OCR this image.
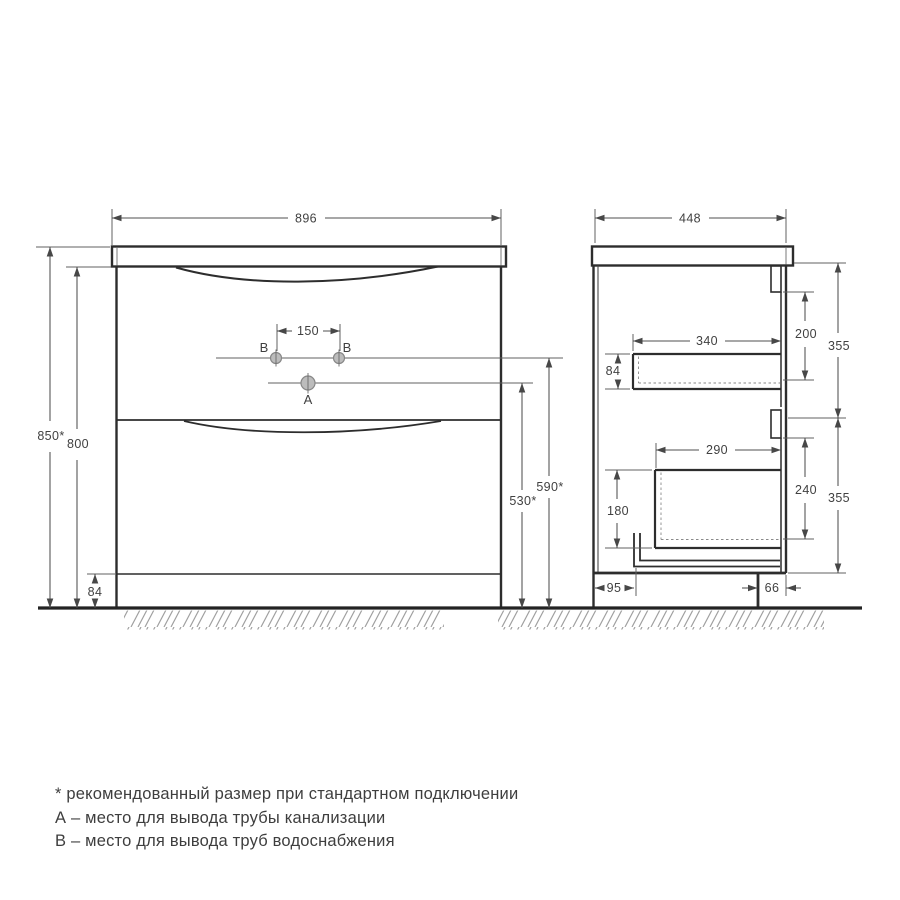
В	В
А
896	448
150
850*
800
84
530*
590*
340
84
200
355
290
180
240
355
95	66
* рекомендованный размер при стандартном подключении
А – место для вывода трубы канализации
В – место для вывода труб водоснабжения
